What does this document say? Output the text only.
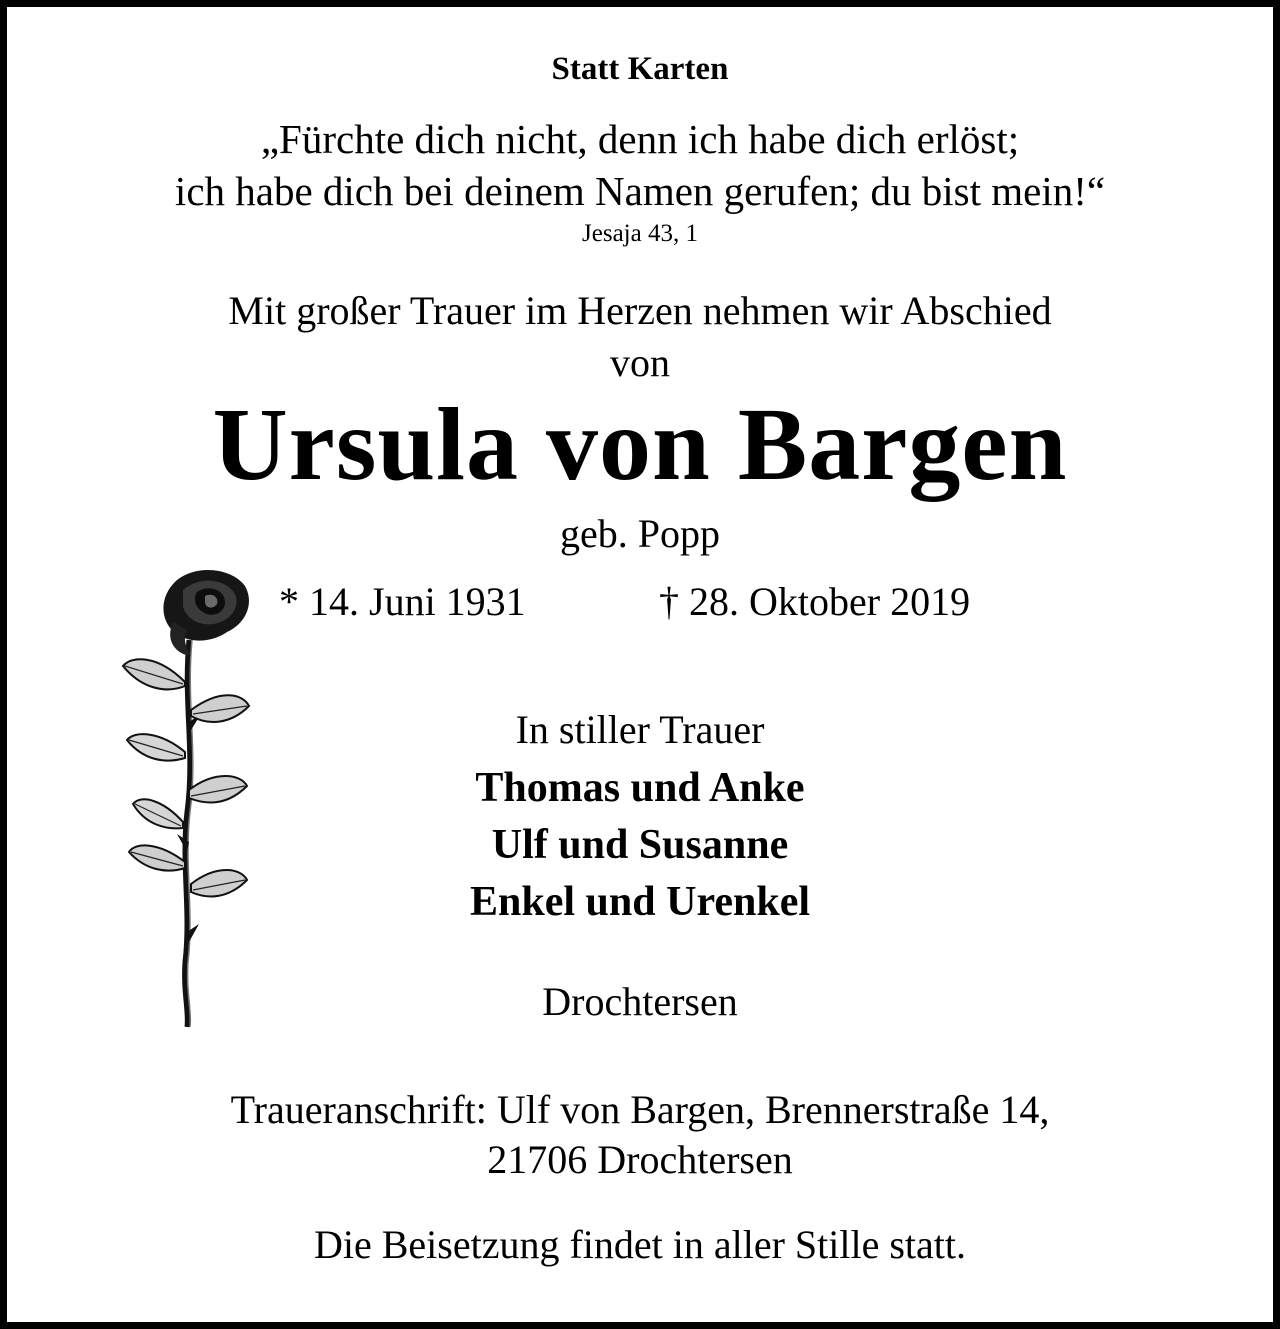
Statt Karten
„Fürchte dich nicht, denn ich habe dich erlöst;
ich habe dich bei deinem Namen gerufen; du bist mein!“
Jesaja 43, 1
Mit großer Trauer im Herzen nehmen wir Abschied
von
Ursula von Bargen
geb. Popp
* 14. Juni 1931	† 28. Oktober 2019
In stiller Trauer
Thomas und Anke
Ulf und Susanne
Enkel und Urenkel
Drochtersen
Traueranschrift: Ulf von Bargen, Brennerstraße 14,
21706 Drochtersen
Die Beisetzung findet in aller Stille statt.
